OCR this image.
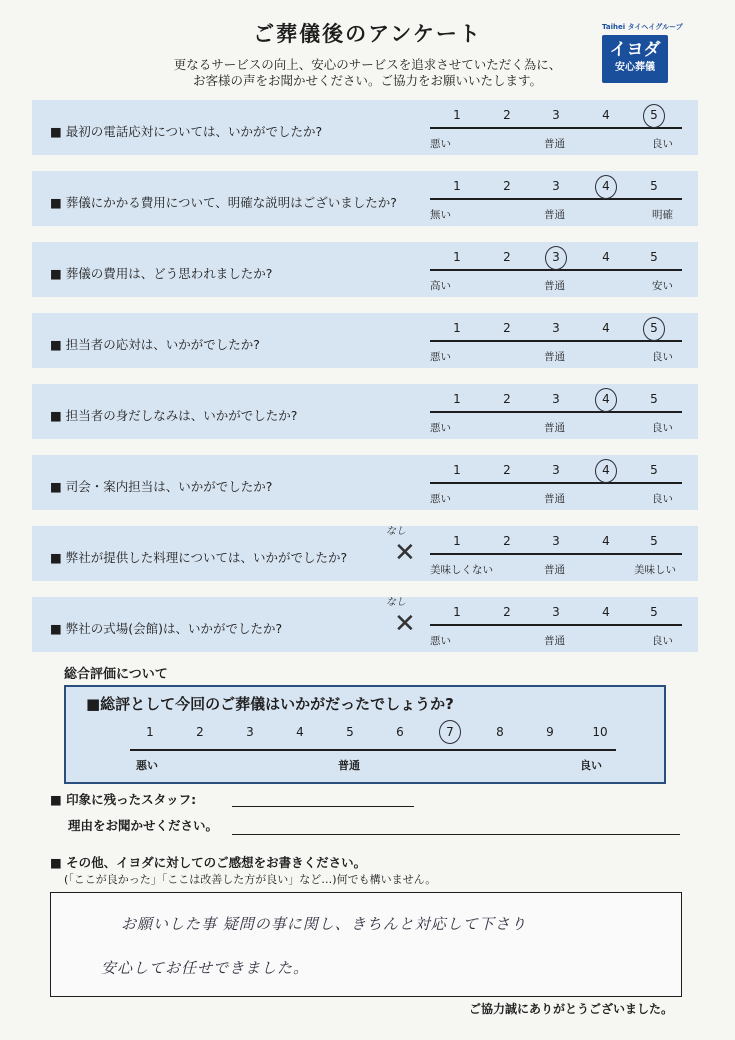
ご葬儀後のアンケート
更なるサービスの向上、安心のサービスを追求させていただく為に、
お客様の声をお聞かせください。ご協力をお願いいたします。
Taihei タイヘイグループ
イヨダ
安心葬儀
■ 最初の電話応対については、いかがでしたか?
1	2	3	4	5
悪い	普通	良い
■ 葬儀にかかる費用について、明確な説明はございましたか?
1	2	3	4	5
無い	普通	明確
■ 葬儀の費用は、どう思われましたか?
1	2	3	4	5
高い	普通	安い
■ 担当者の応対は、いかがでしたか?
1	2	3	4	5
悪い	普通	良い
■ 担当者の身だしなみは、いかがでしたか?
1	2	3	4	5
悪い	普通	良い
■ 司会・案内担当は、いかがでしたか?
1	2	3	4	5
悪い	普通	良い
■ 弊社が提供した料理については、いかがでしたか?
1	2	3	4	5
美味しくない	普通	美味しい
なし
✕
■ 弊社の式場(会館)は、いかがでしたか?
1	2	3	4	5
悪い	普通	良い
なし
✕
総合評価について
■総評として今回のご葬儀はいかがだったでしょうか?
悪い	普通	良い
1	2	3	4	5	6	7	8	9	10
■ 印象に残ったスタッフ:
理由をお聞かせください。
■ その他、イヨダに対してのご感想をお書きください。
(「ここが良かった」「ここは改善した方が良い」など…)何でも構いません。
お願いした事 疑問の事に関し、きちんと対応して下さり
安心してお任せできました。
ご協力誠にありがとうございました。
